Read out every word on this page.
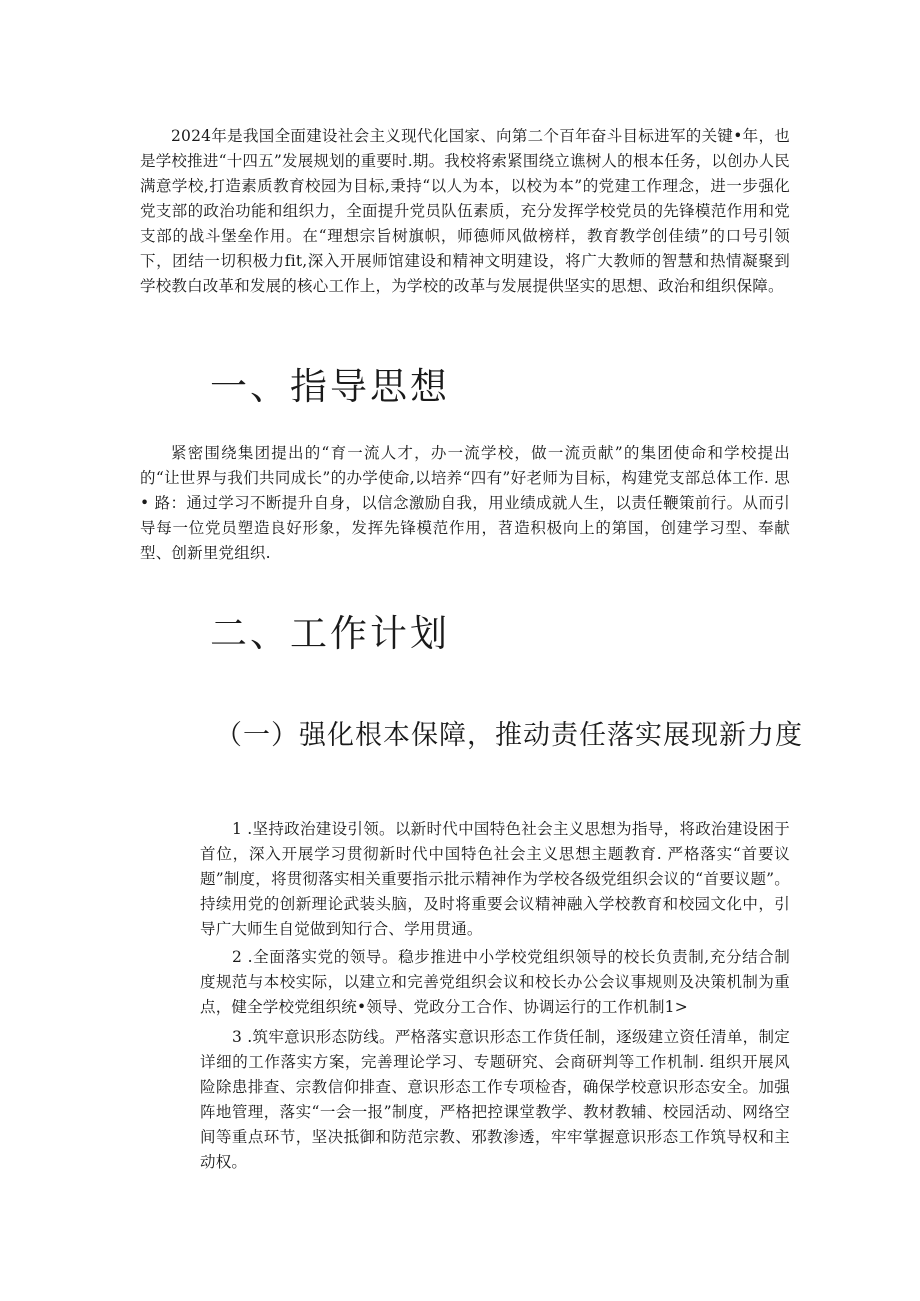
2024年是我国全面建设社会主义现代化国家、向第二个百年奋斗目标进军的关键•年，也是学校推进“十四五”发展规划的重要时.期。我校将索紧围绕立谯树人的根本任务，以创办人民满意学校,打造素质教育校园为目标,秉持“以人为本，以校为本”的党建工作理念，进一步强化党支部的政治功能和组织力，全面提升党员队伍素质，充分发挥学校党员的先锋模范作用和党支部的战斗堡垒作用。在“理想宗旨树旗帜，师德师风做榜样，教育教学创佳绩”的口号引领下，团结一切积极力fit,深入开展师馆建设和精神文明建设，将广大教师的智慧和热情凝聚到学校教白改革和发展的核心工作上，为学校的改革与发展提供坚实的思想、政治和组织保障。

一、指导思想

紧密围绕集团提出的“育一流人才，办一流学校，做一流贡献”的集团使命和学校提出的“让世界与我们共同成长”的办学使命,以培养“四有”好老师为目标，构建党支部总体工作. 思 • 路：通过学习不断提升自身，以信念激励自我，用业绩成就人生，以责任鞭策前行。从而引导每一位党员塑造良好形象，发挥先锋模范作用，苕造积极向上的第国，创建学习型、奉献型、创新里党组织.

二、工作计划
（一）强化根本保障，推动责任落实展现新力度

1 .坚持政治建设引领。以新时代中国特色社会主义思想为指导，将政治建设困于首位，深入开展学习贯彻新时代中国特色社会主义思想主题教育. 严格落实“首要议题”制度，将贯彻落实相关重要指示批示精神作为学校各级党组织会议的“首要议题”。持续用党的创新理论武装头脑，及时将重要会议精神融入学校教育和校园文化中，引导广大师生自觉做到知行合、学用贯通。

2 .全面落实党的领导。稳步推进中小学校党组织领导的校长负责制,充分结合制度规范与本校实际，以建立和完善党组织会议和校长办公会议事规则及决策机制为重点，健全学校党组织统•领导、党政分工合作、协调运行的工作机制1>

3 .筑牢意识形态防线。严格落实意识形态工作货任制，逐级建立资任清单，制定详细的工作落实方案，完善理论学习、专题研究、会商研判等工作机制. 组织开展风险除患排查、宗教信仰排查、意识形态工作专项检杳，确保学校意识形态安全。加强阵地管理，落实“一会一报”制度，严格把控课堂教学、教材教辅、校园活动、网络空间等重点环节，坚决抵御和防范宗教、邪教渗透，牢牢掌握意识形态工作筑导权和主动权。
